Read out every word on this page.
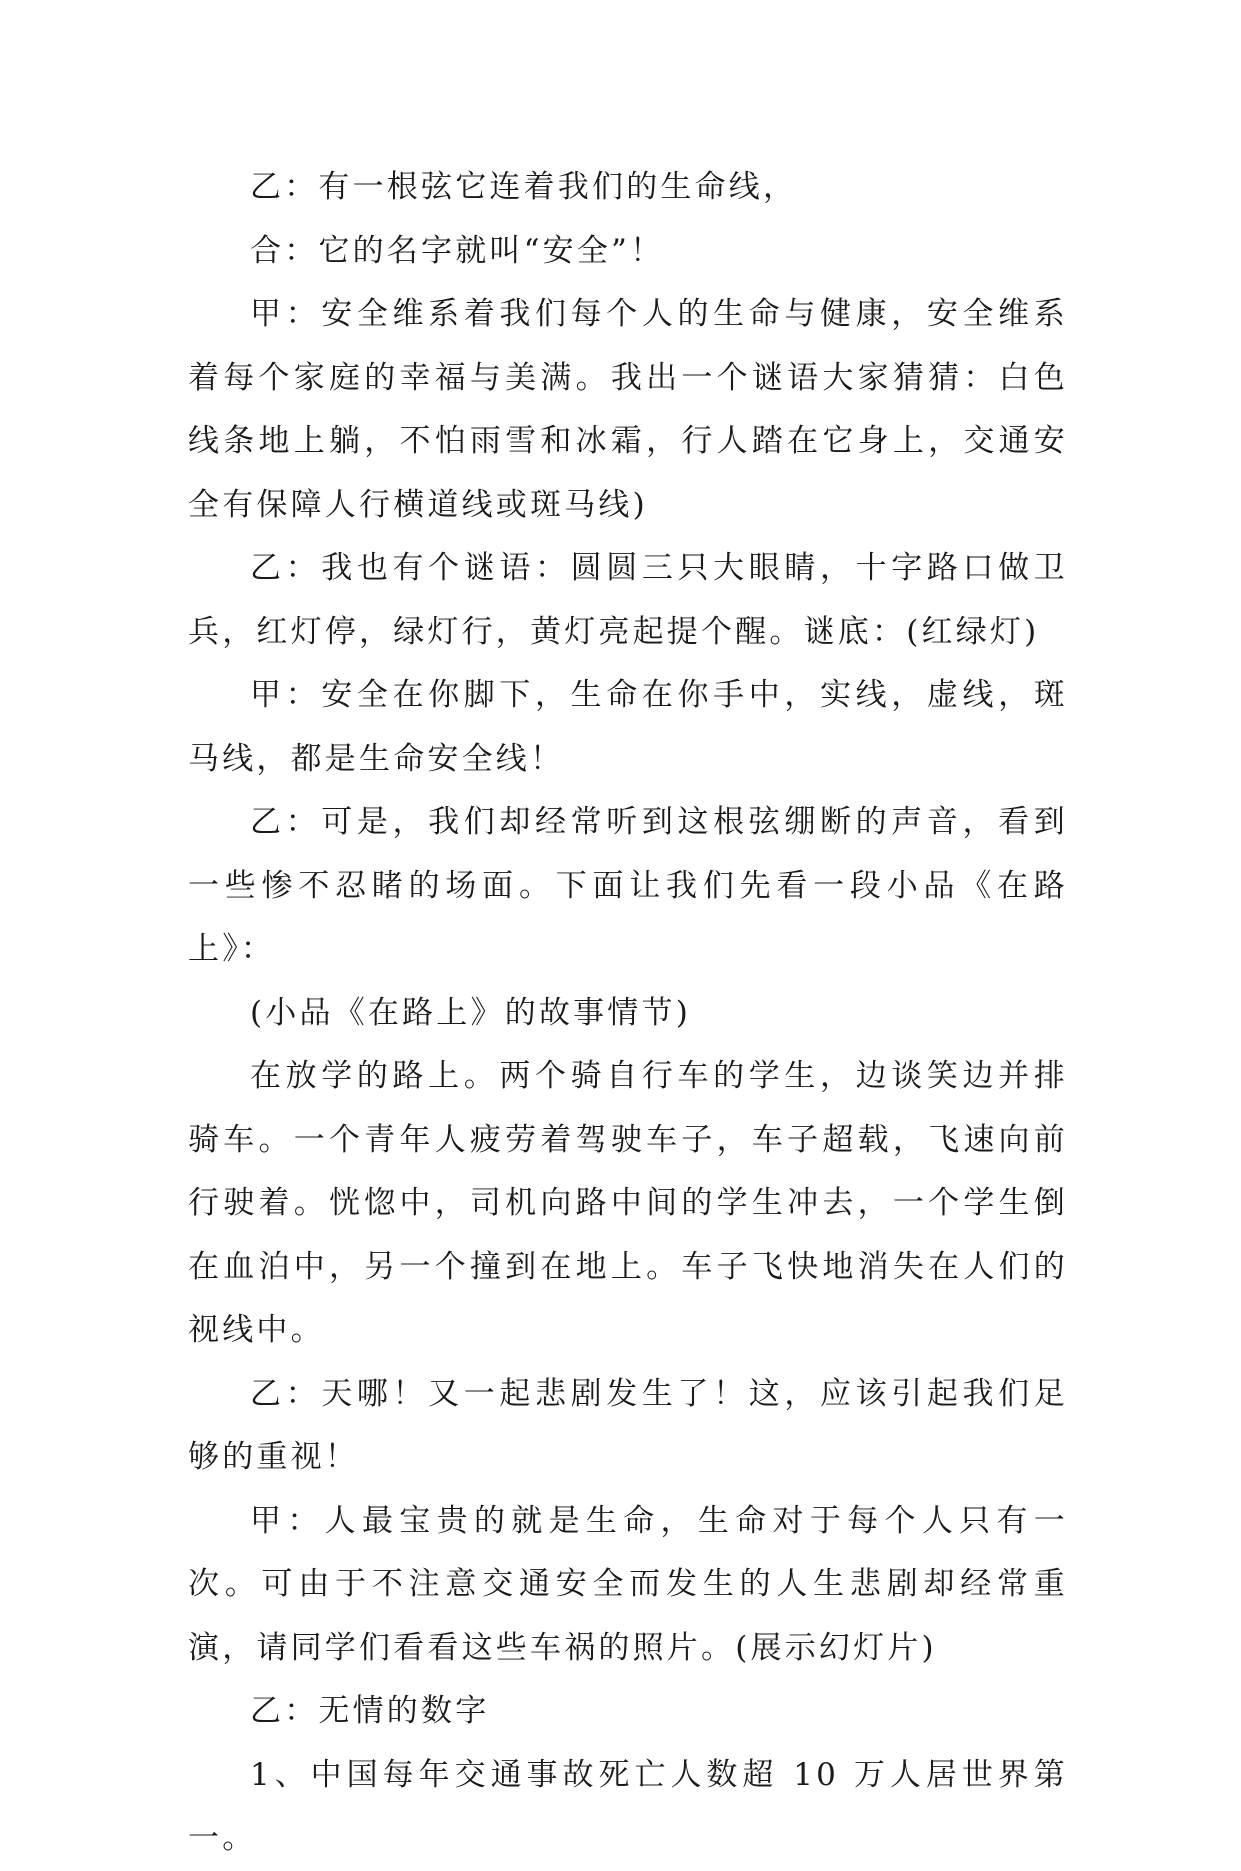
乙：有一根弦它连着我们的生命线，

合：它的名字就叫“安全”！

甲：安全维系着我们每个人的生命与健康，安全维系着每个家庭的幸福与美满。我出一个谜语大家猜猜：白色线条地上躺，不怕雨雪和冰霜，行人踏在它身上，交通安全有保障人行横道线或斑马线)

乙：我也有个谜语：圆圆三只大眼睛，十字路口做卫兵，红灯停，绿灯行，黄灯亮起提个醒。谜底：(红绿灯)

甲：安全在你脚下，生命在你手中，实线，虚线，斑马线，都是生命安全线！

乙：可是，我们却经常听到这根弦绷断的声音，看到一些惨不忍睹的场面。下面让我们先看一段小品《在路上》：

(小品《在路上》的故事情节)

在放学的路上。两个骑自行车的学生，边谈笑边并排骑车。一个青年人疲劳着驾驶车子，车子超载，飞速向前行驶着。恍惚中，司机向路中间的学生冲去，一个学生倒在血泊中，另一个撞到在地上。车子飞快地消失在人们的视线中。

乙：天哪！又一起悲剧发生了！这，应该引起我们足够的重视！

甲：人最宝贵的就是生命，生命对于每个人只有一次。可由于不注意交通安全而发生的人生悲剧却经常重演，请同学们看看这些车祸的照片。(展示幻灯片)

乙：无情的数字

1、中国每年交通事故死亡人数超 10 万人居世界第一。
